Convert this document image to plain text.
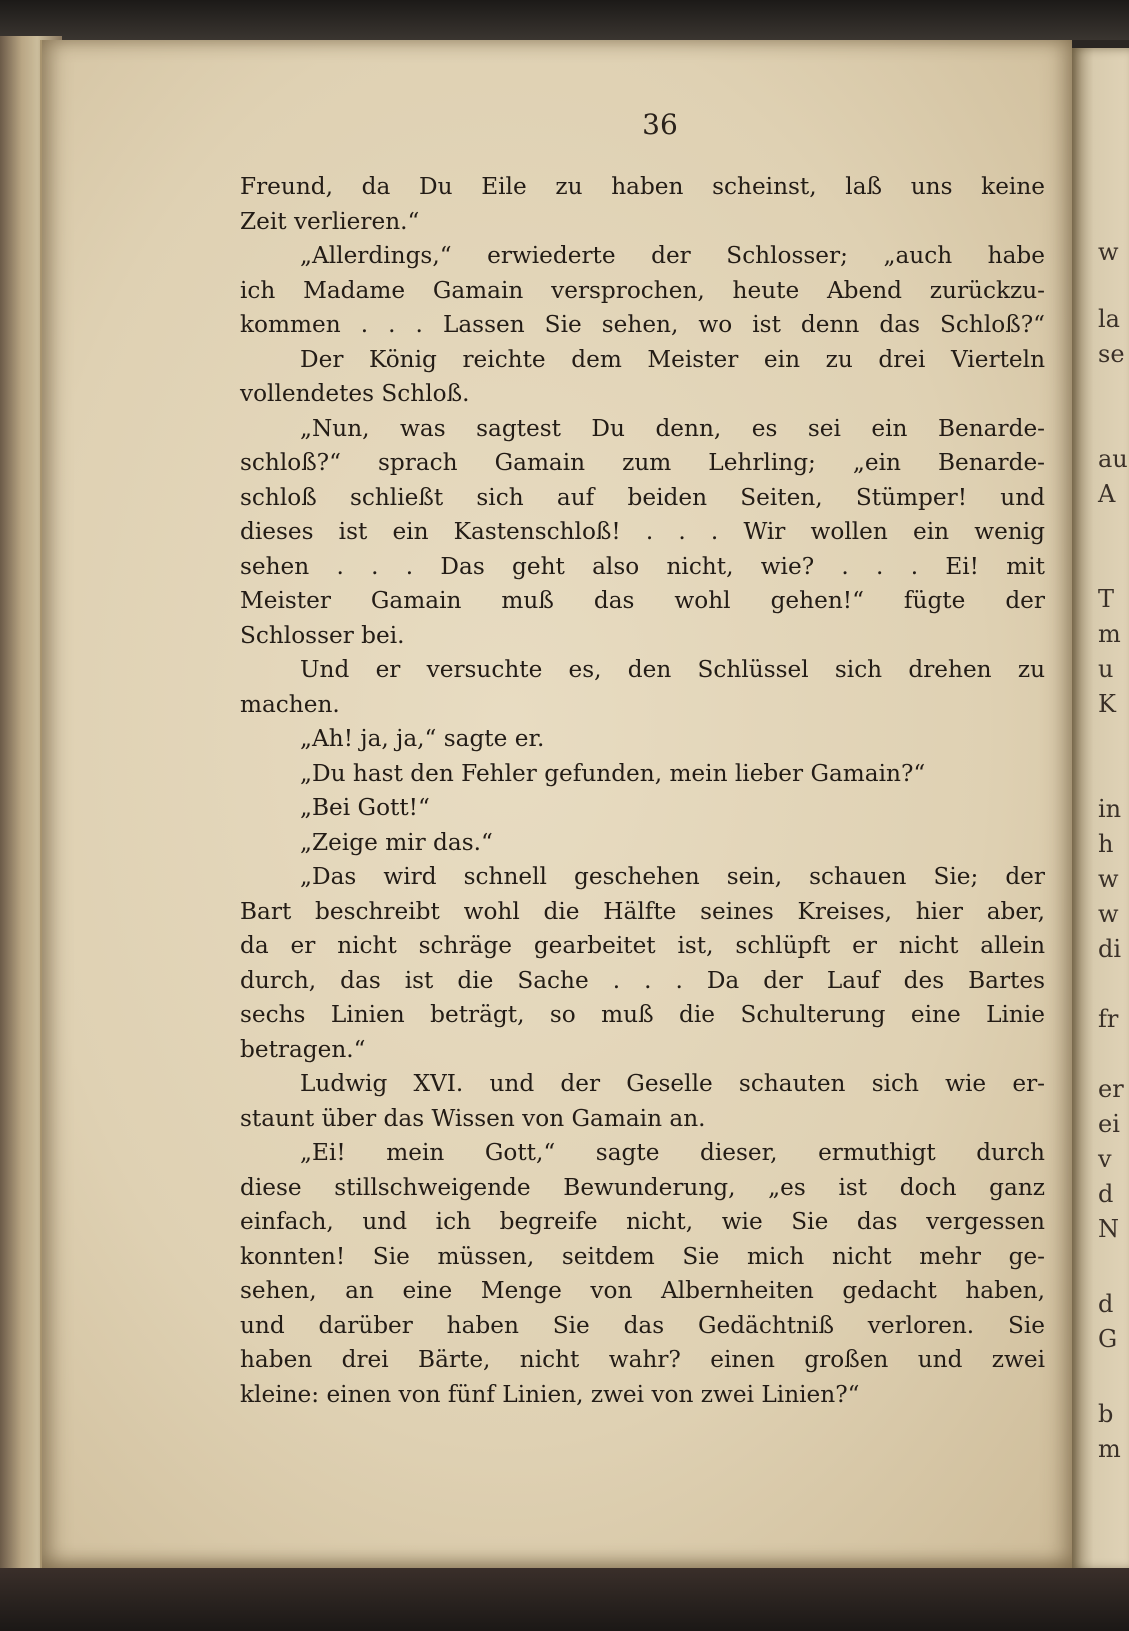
36
Freund, da Du Eile zu haben scheinst, laß uns keine
Zeit verlieren.“
„Allerdings,“ erwiederte der Schlosser; „auch habe
ich Madame Gamain versprochen, heute Abend zurückzu-
kommen . . . Lassen Sie sehen, wo ist denn das Schloß?“
Der König reichte dem Meister ein zu drei Vierteln
vollendetes Schloß.
„Nun, was sagtest Du denn, es sei ein Benarde-
schloß?“ sprach Gamain zum Lehrling; „ein Benarde-
schloß schließt sich auf beiden Seiten, Stümper! und
dieses ist ein Kastenschloß! . . . Wir wollen ein wenig
sehen . . . Das geht also nicht, wie? . . . Ei! mit
Meister Gamain muß das wohl gehen!“ fügte der
Schlosser bei.
Und er versuchte es, den Schlüssel sich drehen zu
machen.
„Ah! ja, ja,“ sagte er.
„Du hast den Fehler gefunden, mein lieber Gamain?“
„Bei Gott!“
„Zeige mir das.“
„Das wird schnell geschehen sein, schauen Sie; der
Bart beschreibt wohl die Hälfte seines Kreises, hier aber,
da er nicht schräge gearbeitet ist, schlüpft er nicht allein
durch, das ist die Sache . . . Da der Lauf des Bartes
sechs Linien beträgt, so muß die Schulterung eine Linie
betragen.“
Ludwig XVI. und der Geselle schauten sich wie er-
staunt über das Wissen von Gamain an.
„Ei! mein Gott,“ sagte dieser, ermuthigt durch
diese stillschweigende Bewunderung, „es ist doch ganz
einfach, und ich begreife nicht, wie Sie das vergessen
konnten! Sie müssen, seitdem Sie mich nicht mehr ge-
sehen, an eine Menge von Albernheiten gedacht haben,
und darüber haben Sie das Gedächtniß verloren. Sie
haben drei Bärte, nicht wahr? einen großen und zwei
kleine: einen von fünf Linien, zwei von zwei Linien?“
w
la
se
au
A
T
m
u
K
in
h
w
w
di
fr
er
ei
v
d
N
d
G
b
m
